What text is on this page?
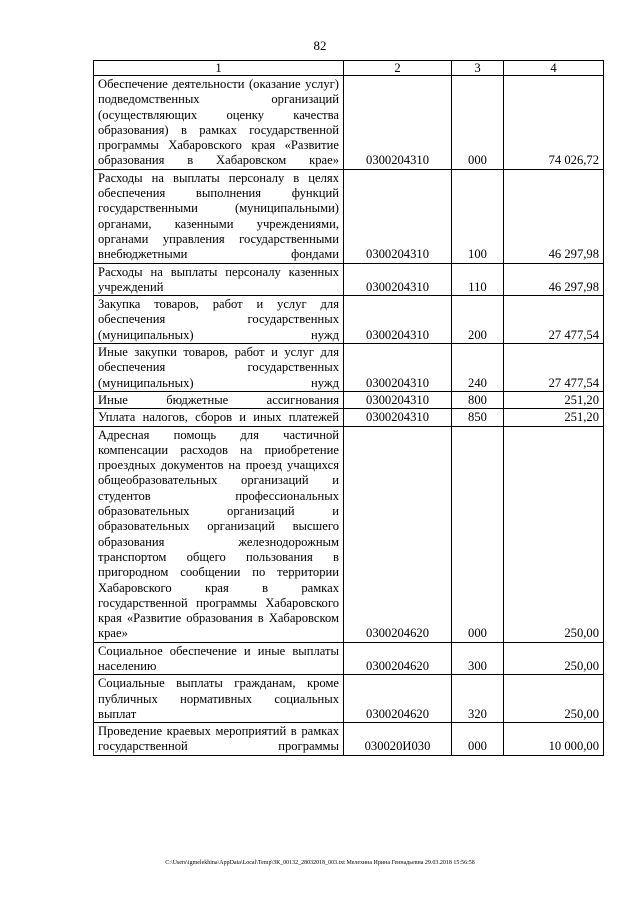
82
1	2	3	4
Обеспечение деятельности (оказание услуг) подведомственных организаций (осуществляющих оценку качества образования) в рамках государственной программы Хабаровского края «Развитие образования в Хабаровском крае»	0300204310	000	74 026,72
Расходы на выплаты персоналу в целях обеспечения выполнения функций государственными (муниципальными) органами, казенными учреждениями, органами управления государственными внебюджетными фондами	0300204310	100	46 297,98
Расходы на выплаты персоналу казенных учреждений	0300204310	110	46 297,98
Закупка товаров, работ и услуг для обеспечения государственных (муниципальных) нужд	0300204310	200	27 477,54
Иные закупки товаров, работ и услуг для обеспечения государственных (муниципальных) нужд	0300204310	240	27 477,54
Иные бюджетные ассигнования	0300204310	800	251,20
Уплата налогов, сборов и иных платежей	0300204310	850	251,20
Адресная помощь для частичной компенсации расходов на приобретение проездных документов на проезд учащихся общеобразовательных организаций и студентов профессиональных образовательных организаций и образовательных организаций высшего образования железнодорожным транспортом общего пользования в пригородном сообщении по территории Хабаровского края в рамках государственной программы Хабаровского края «Развитие образования в Хабаровском крае»	0300204620	000	250,00
Социальное обеспечение и иные выплаты населению	0300204620	300	250,00
Социальные выплаты гражданам, кроме публичных нормативных социальных выплат	0300204620	320	250,00
Проведение краевых мероприятий в рамках государственной программы	030020И030	000	10 000,00
C:\Users\igmelekhina\AppData\Local\Temp\ЗК_00132_28032018_003.txt Мелехина Ирина Геннадьевна 29.03.2018 15:56:58
